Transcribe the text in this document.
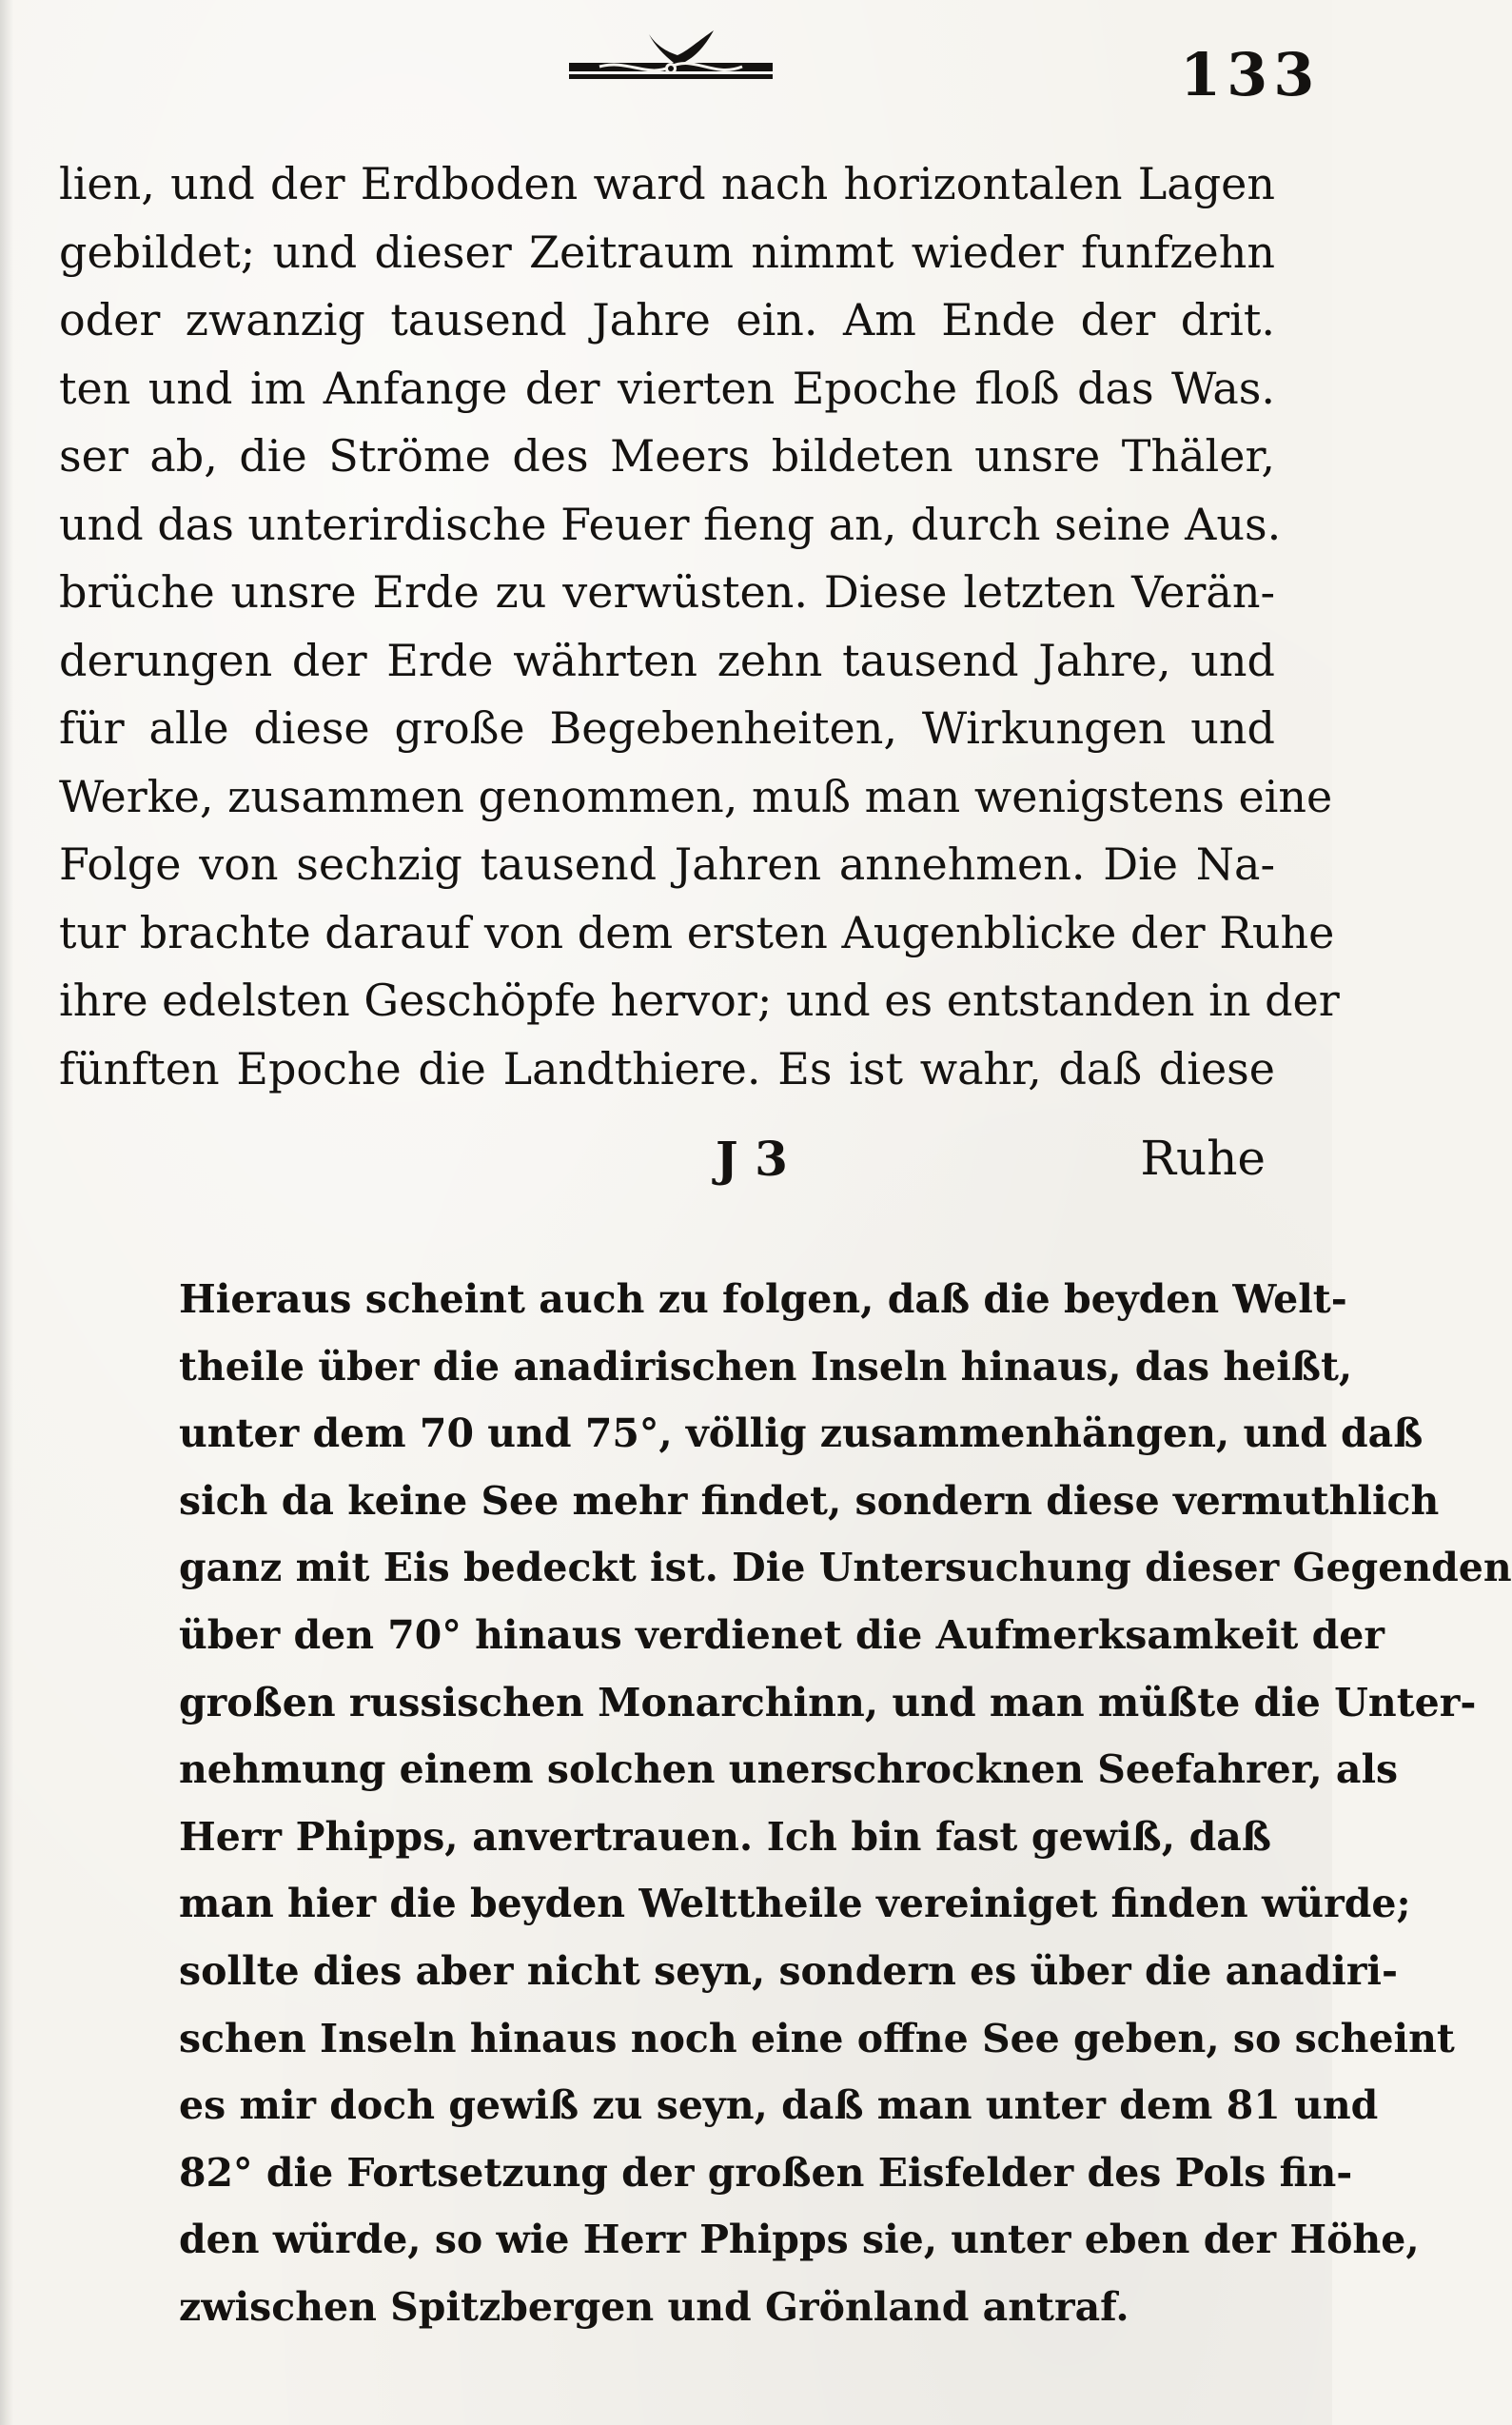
133

lien, und der Erdboden ward nach horizontalen Lagen
gebildet; und dieser Zeitraum nimmt wieder funfzehn
oder zwanzig tausend Jahre ein. Am Ende der drit.
ten und im Anfange der vierten Epoche floß das Was.
ser ab, die Ströme des Meers bildeten unsre Thäler,
und das unterirdische Feuer fieng an, durch seine Aus.
brüche unsre Erde zu verwüsten. Diese letzten Verän-
derungen der Erde währten zehn tausend Jahre, und
für alle diese große Begebenheiten, Wirkungen und
Werke, zusammen genommen, muß man wenigstens eine
Folge von sechzig tausend Jahren annehmen. Die Na-
tur brachte darauf von dem ersten Augenblicke der Ruhe
ihre edelsten Geschöpfe hervor; und es entstanden in der
fünften Epoche die Landthiere. Es ist wahr, daß diese

J 3	Ruhe

Hieraus scheint auch zu folgen, daß die beyden Welt-
theile über die anadirischen Inseln hinaus, das heißt,
unter dem 70 und 75°, völlig zusammenhängen, und daß
sich da keine See mehr findet, sondern diese vermuthlich
ganz mit Eis bedeckt ist. Die Untersuchung dieser Gegenden
über den 70° hinaus verdienet die Aufmerksamkeit der
großen russischen Monarchinn, und man müßte die Unter-
nehmung einem solchen unerschrocknen Seefahrer, als
Herr Phipps, anvertrauen. Ich bin fast gewiß, daß
man hier die beyden Welttheile vereiniget finden würde;
sollte dies aber nicht seyn, sondern es über die anadiri-
schen Inseln hinaus noch eine offne See geben, so scheint
es mir doch gewiß zu seyn, daß man unter dem 81 und
82° die Fortsetzung der großen Eisfelder des Pols fin-
den würde, so wie Herr Phipps sie, unter eben der Höhe,
zwischen Spitzbergen und Grönland antraf.
